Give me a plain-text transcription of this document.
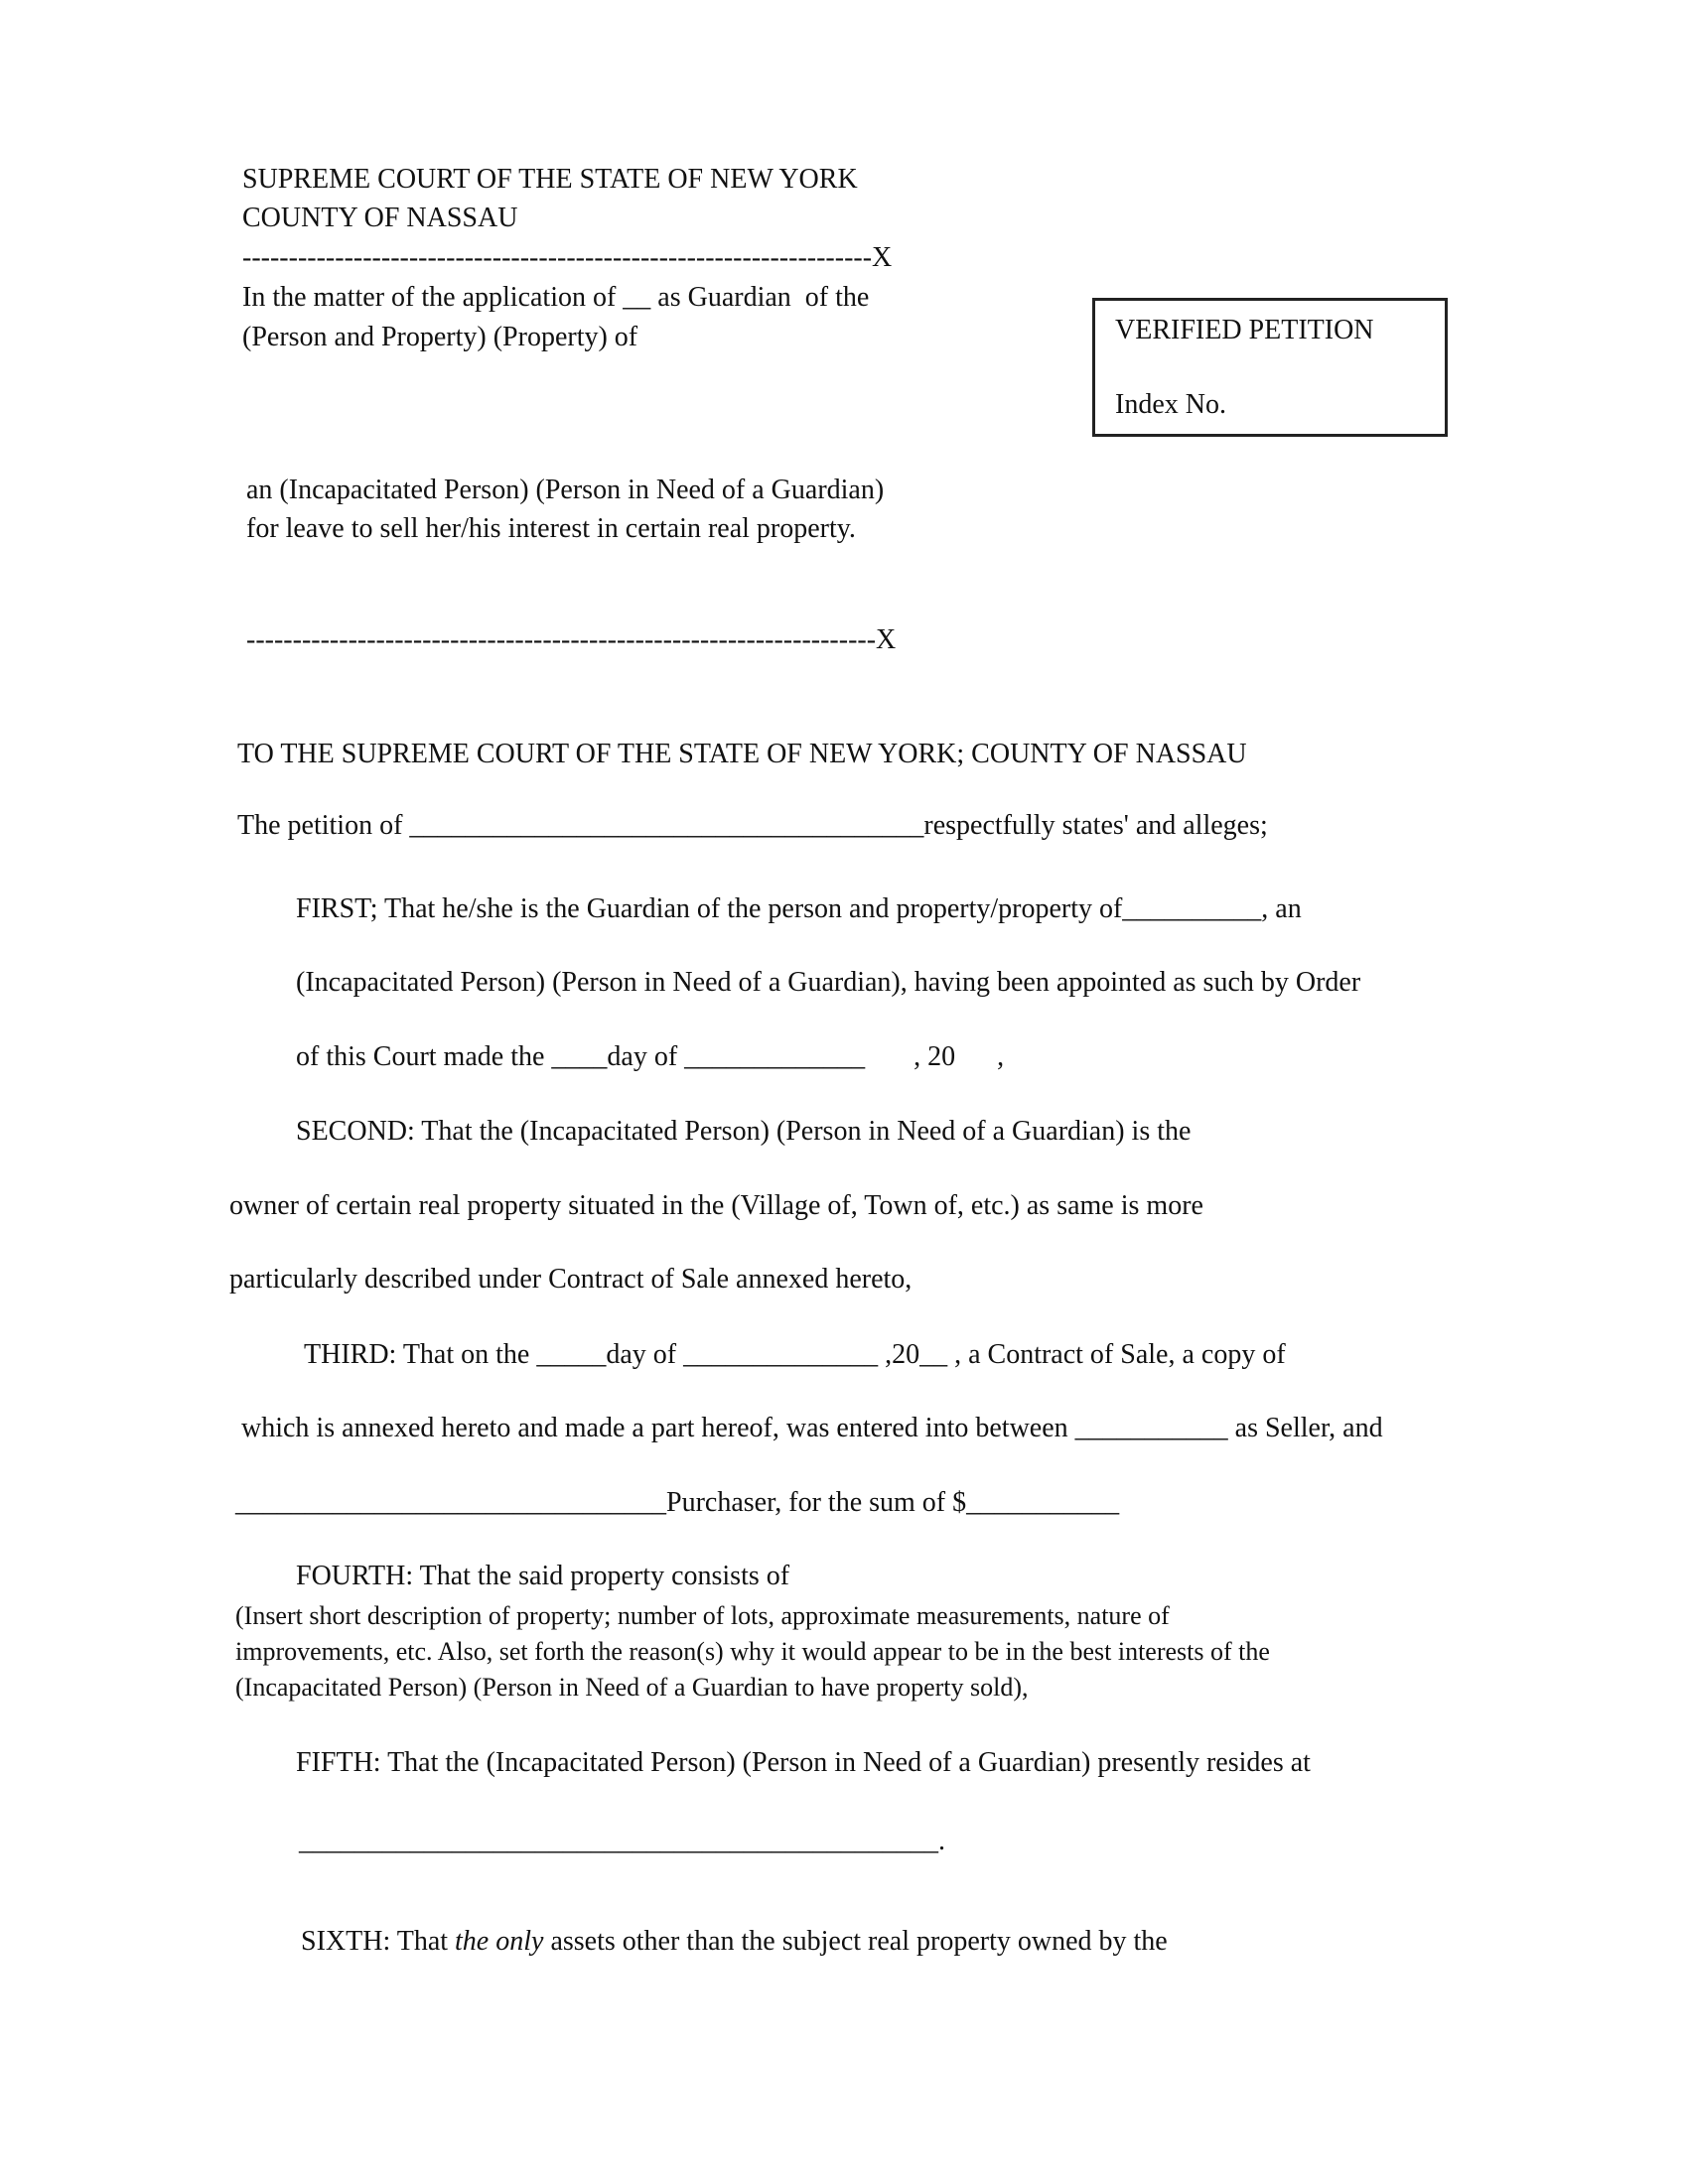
SUPREME COURT OF THE STATE OF NEW YORK
COUNTY OF NASSAU
--------------------------------------------------------------------X
In the matter of the application of __ as Guardian  of the
(Person and Property) (Property) of	VERIFIED PETITION
Index No.
an (Incapacitated Person) (Person in Need of a Guardian)
for leave to sell her/his interest in certain real property.
--------------------------------------------------------------------X
TO THE SUPREME COURT OF THE STATE OF NEW YORK; COUNTY OF NASSAU
The petition of _____________________________________respectfully states' and alleges;
FIRST; That he/she is the Guardian of the person and property/property of__________, an
(Incapacitated Person) (Person in Need of a Guardian), having been appointed as such by Order
of this Court made the ____day of _____________       , 20      ,
SECOND: That the (Incapacitated Person) (Person in Need of a Guardian) is the
owner of certain real property situated in the (Village of, Town of, etc.) as same is more
particularly described under Contract of Sale annexed hereto,
THIRD: That on the _____day of ______________ ,20__ , a Contract of Sale, a copy of
which is annexed hereto and made a part hereof, was entered into between ___________ as Seller, and
_______________________________Purchaser, for the sum of $___________
FOURTH: That the said property consists of
(Insert short description of property; number of lots, approximate measurements, nature of
improvements, etc. Also, set forth the reason(s) why it would appear to be in the best interests of the
(Incapacitated Person) (Person in Need of a Guardian to have property sold),
FIFTH: That the (Incapacitated Person) (Person in Need of a Guardian) presently resides at
______________________________________________.
SIXTH: That the only assets other than the subject real property owned by the
